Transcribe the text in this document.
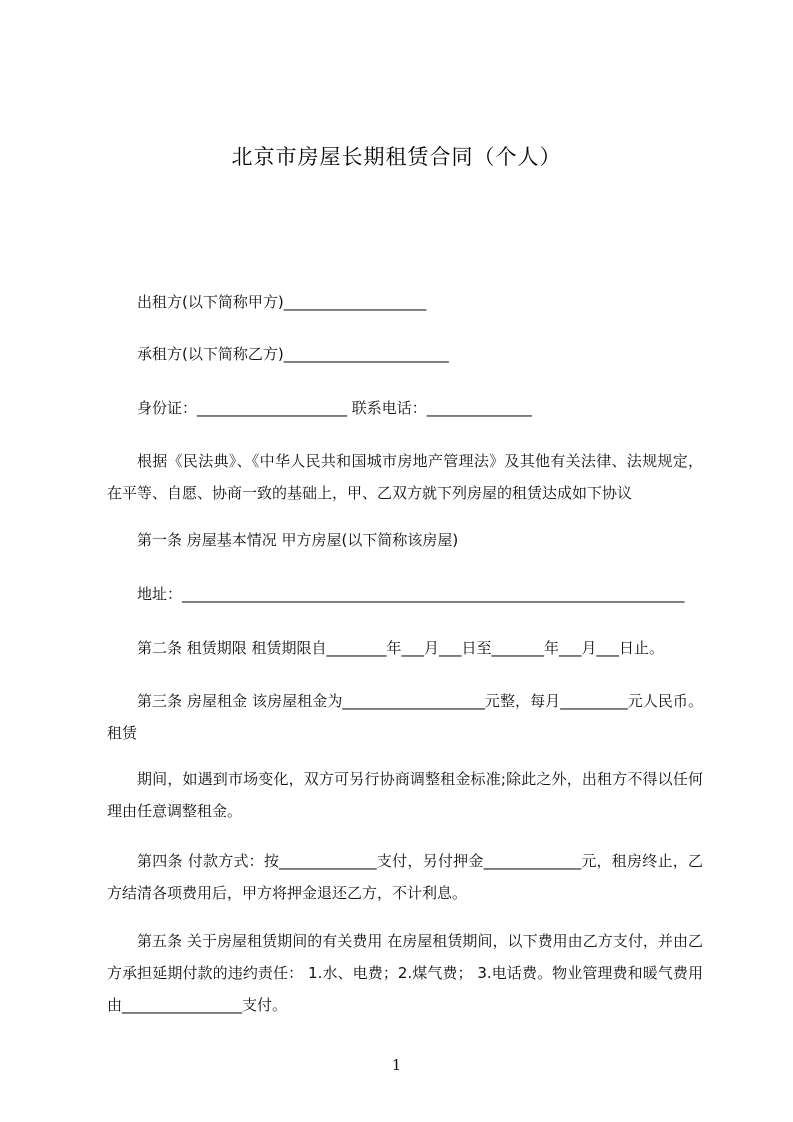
北京市房屋长期租赁合同（个人）
出租方(以下简称甲方)___________________
承租方(以下简称乙方)______________________
身份证：____________________ 联系电话：______________
根据《民法典》、《中华人民共和国城市房地产管理法》及其他有关法律、法规规定，在平等、自愿、协商一致的基础上，甲、乙双方就下列房屋的租赁达成如下协议
第一条 房屋基本情况 甲方房屋(以下简称该房屋)
地址：___________________________________________________________________
第二条 租赁期限 租赁期限自________年___月___日至_______年___月___日止。
第三条 房屋租金 该房屋租金为___________________元整，每月_________元人民币。 租赁
期间，如遇到市场变化，双方可另行协商调整租金标准;除此之外，出租方不得以任何理由任意调整租金。
第四条 付款方式：按_____________支付，另付押金_____________元，租房终止，乙方结清各项费用后，甲方将押金退还乙方，不计利息。
第五条 关于房屋租赁期间的有关费用 在房屋租赁期间，以下费用由乙方支付，并由乙方承担延期付款的违约责任： 1.水、电费；2.煤气费； 3.电话费。物业管理费和暖气费用由________________支付。
1
